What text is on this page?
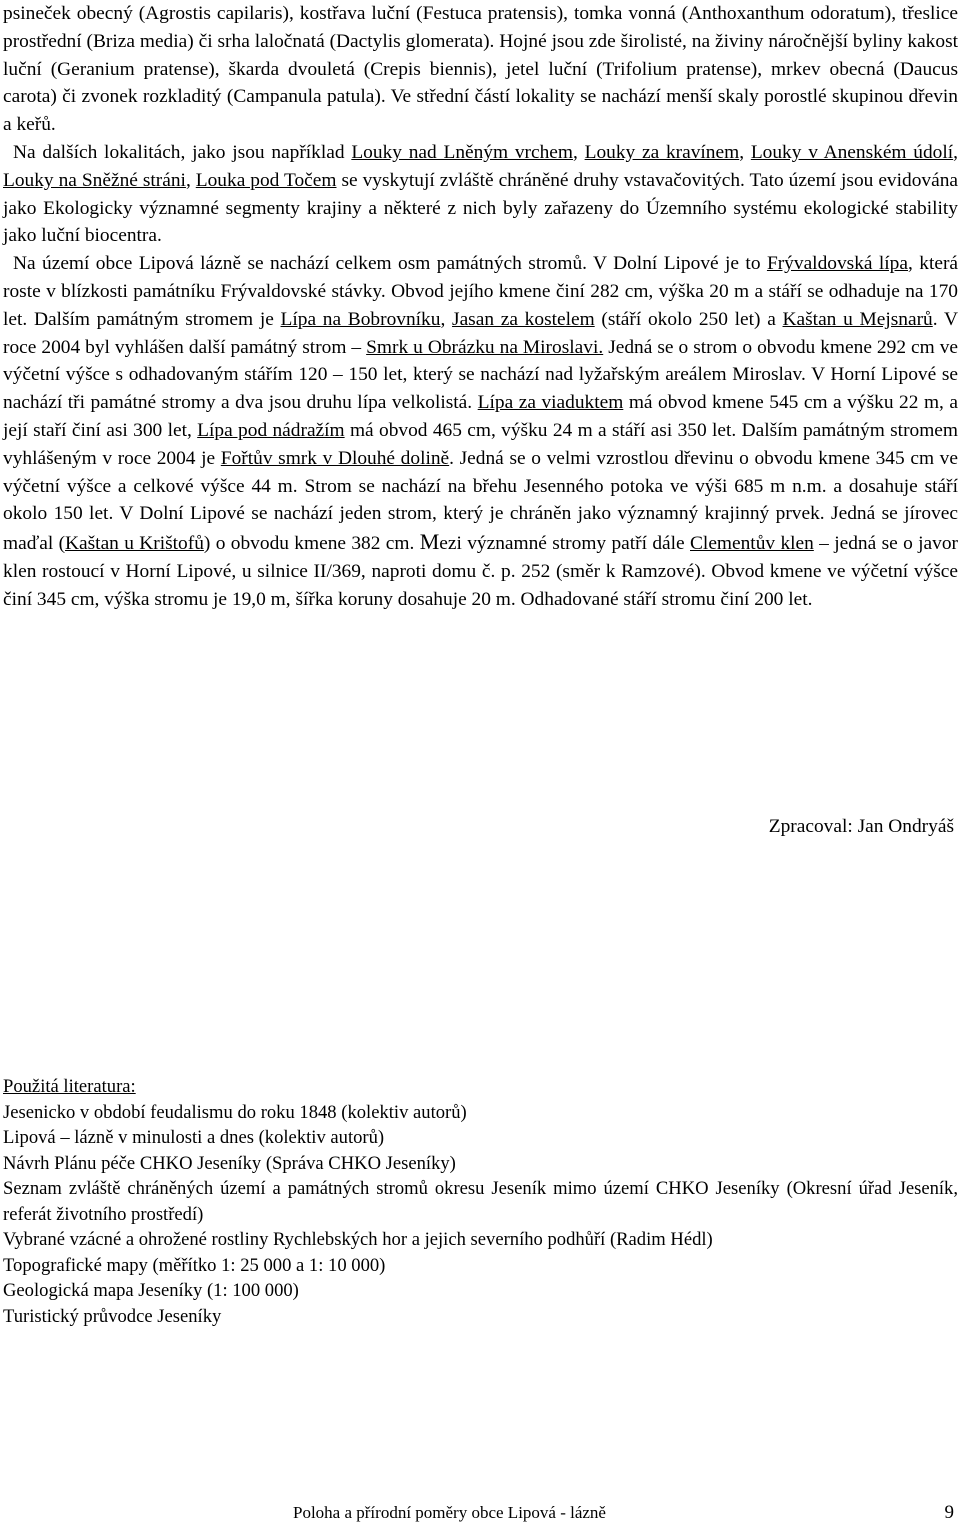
psineček obecný (Agrostis capilaris), kostřava luční (Festuca pratensis), tomka vonná (Anthoxanthum odoratum), třeslice prostřední (Briza media) či srha laločnatá (Dactylis glomerata). Hojné jsou zde širolisté, na živiny náročnější byliny kakost luční (Geranium pratense), škarda dvouletá (Crepis biennis), jetel luční (Trifolium pratense), mrkev obecná (Daucus carota) či zvonek rozkladitý (Campanula patula). Ve střední částí lokality se nachází menší skaly porostlé skupinou dřevin a keřů.

Na dalších lokalitách, jako jsou například Louky nad Lněným vrchem, Louky za kravínem, Louky v Anenském údolí, Louky na Sněžné stráni, Louka pod Točem se vyskytují zvláště chráněné druhy vstavačovitých. Tato území jsou evidována jako Ekologicky významné segmenty krajiny a některé z nich byly zařazeny do Územního systému ekologické stability jako luční biocentra.

Na území obce Lipová lázně se nachází celkem osm památných stromů. V Dolní Lipové je to Frývaldovská lípa, která roste v blízkosti památníku Frývaldovské stávky. Obvod jejího kmene činí 282 cm, výška 20 m a stáří se odhaduje na 170 let. Dalším památným stromem je Lípa na Bobrovníku, Jasan za kostelem (stáří okolo 250 let) a Kaštan u Mejsnarů. V roce 2004 byl vyhlášen další památný strom – Smrk u Obrázku na Miroslavi. Jedná se o strom o obvodu kmene 292 cm ve výčetní výšce s odhadovaným stářím 120 – 150 let, který se nachází nad lyžařským areálem Miroslav. V Horní Lipové se nachází tři památné stromy a dva jsou druhu lípa velkolistá. Lípa za viaduktem má obvod kmene 545 cm a výšku 22 m, a její staří činí asi 300 let, Lípa pod nádražím má obvod 465 cm, výšku 24 m a stáří asi 350 let. Dalším památným stromem vyhlášeným v roce 2004 je Fořtův smrk v Dlouhé dolině. Jedná se o velmi vzrostlou dřevinu o obvodu kmene 345 cm ve výčetní výšce a celkové výšce 44 m. Strom se nachází na břehu Jesenného potoka ve výši 685 m n.m. a dosahuje stáří okolo 150 let. V Dolní Lipové se nachází jeden strom, který je chráněn jako významný krajinný prvek. Jedná se jírovec maďal (Kaštan u Krištofů) o obvodu kmene 382 cm. Mezi významné stromy patří dále Clementův klen – jedná se o javor klen rostoucí v Horní Lipové, u silnice II/369, naproti domu č. p. 252 (směr k Ramzové). Obvod kmene ve výčetní výšce činí 345 cm, výška stromu je 19,0 m, šířka koruny dosahuje 20 m. Odhadované stáří stromu činí 200 let.

Zpracoval: Jan Ondryáš

Použitá literatura:

Jesenicko v období feudalismu do roku 1848 (kolektiv autorů)

Lipová – lázně v minulosti a dnes (kolektiv autorů)

Návrh Plánu péče CHKO Jeseníky (Správa CHKO Jeseníky)

Seznam zvláště chráněných území a památných stromů okresu Jeseník mimo území CHKO Jeseníky (Okresní úřad Jeseník, referát životního prostředí)

Vybrané vzácné a ohrožené rostliny Rychlebských hor a jejich severního podhůří (Radim Hédl)

Topografické mapy (měřítko 1: 25 000 a 1: 10 000)

Geologická mapa Jeseníky (1: 100 000)

Turistický průvodce Jeseníky

Poloha a přírodní poměry obce Lipová - lázně	9
